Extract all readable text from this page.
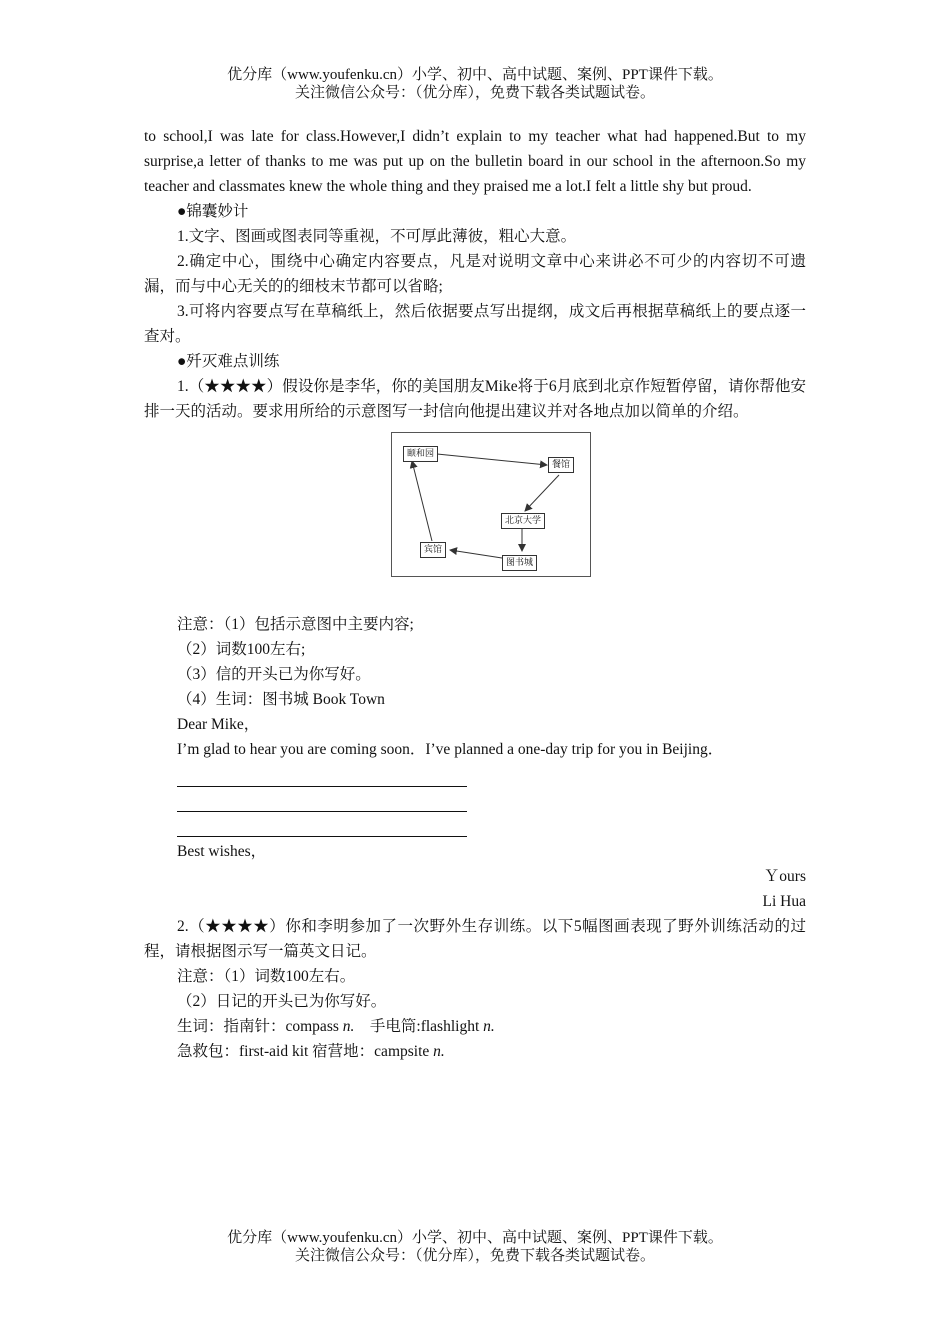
优分库（www.youfenku.cn）小学、初中、高中试题、案例、PPT课件下载。
关注微信公众号：（优分库），免费下载各类试题试卷。

to school,I was late for class.However,I didn’t explain to my teacher what had happened.But to my surprise,a letter of thanks to me was put up on the bulletin board in our school in the afternoon.So my teacher and classmates knew the whole thing and they praised me a lot.I felt a little shy but proud.

●锦囊妙计

1.文字、图画或图表同等重视，不可厚此薄彼，粗心大意。

2.确定中心，围绕中心确定内容要点，凡是对说明文章中心来讲必不可少的内容切不可遗漏，而与中心无关的的细枝末节都可以省略;

3.可将内容要点写在草稿纸上，然后依据要点写出提纲，成文后再根据草稿纸上的要点逐一查对。

●歼灭难点训练

1.（★★★★）假设你是李华，你的美国朋友Mike将于6月底到北京作短暂停留，请你帮他安排一天的活动。要求用所给的示意图写一封信向他提出建议并对各地点加以简单的介绍。

颐和园
餐馆
北京大学
图书城
宾馆

注意：（1）包括示意图中主要内容;

（2）词数100左右;

（3）信的开头已为你写好。

（4）生词：图书城 Book Town

Dear Mike，

I’m glad to hear you are coming soon．I’ve planned a one-day trip for you in Beijing．

Best wishes，

Ｙours

Li Hua

2.（★★★★）你和李明参加了一次野外生存训练。以下5幅图画表现了野外训练活动的过程，请根据图示写一篇英文日记。

注意：（1）词数100左右。

（2）日记的开头已为你写好。

生词：指南针：compass n.　手电筒:flashlight n.

急救包：first-aid kit 宿营地：campsite n.

优分库（www.youfenku.cn）小学、初中、高中试题、案例、PPT课件下载。
关注微信公众号：（优分库），免费下载各类试题试卷。
